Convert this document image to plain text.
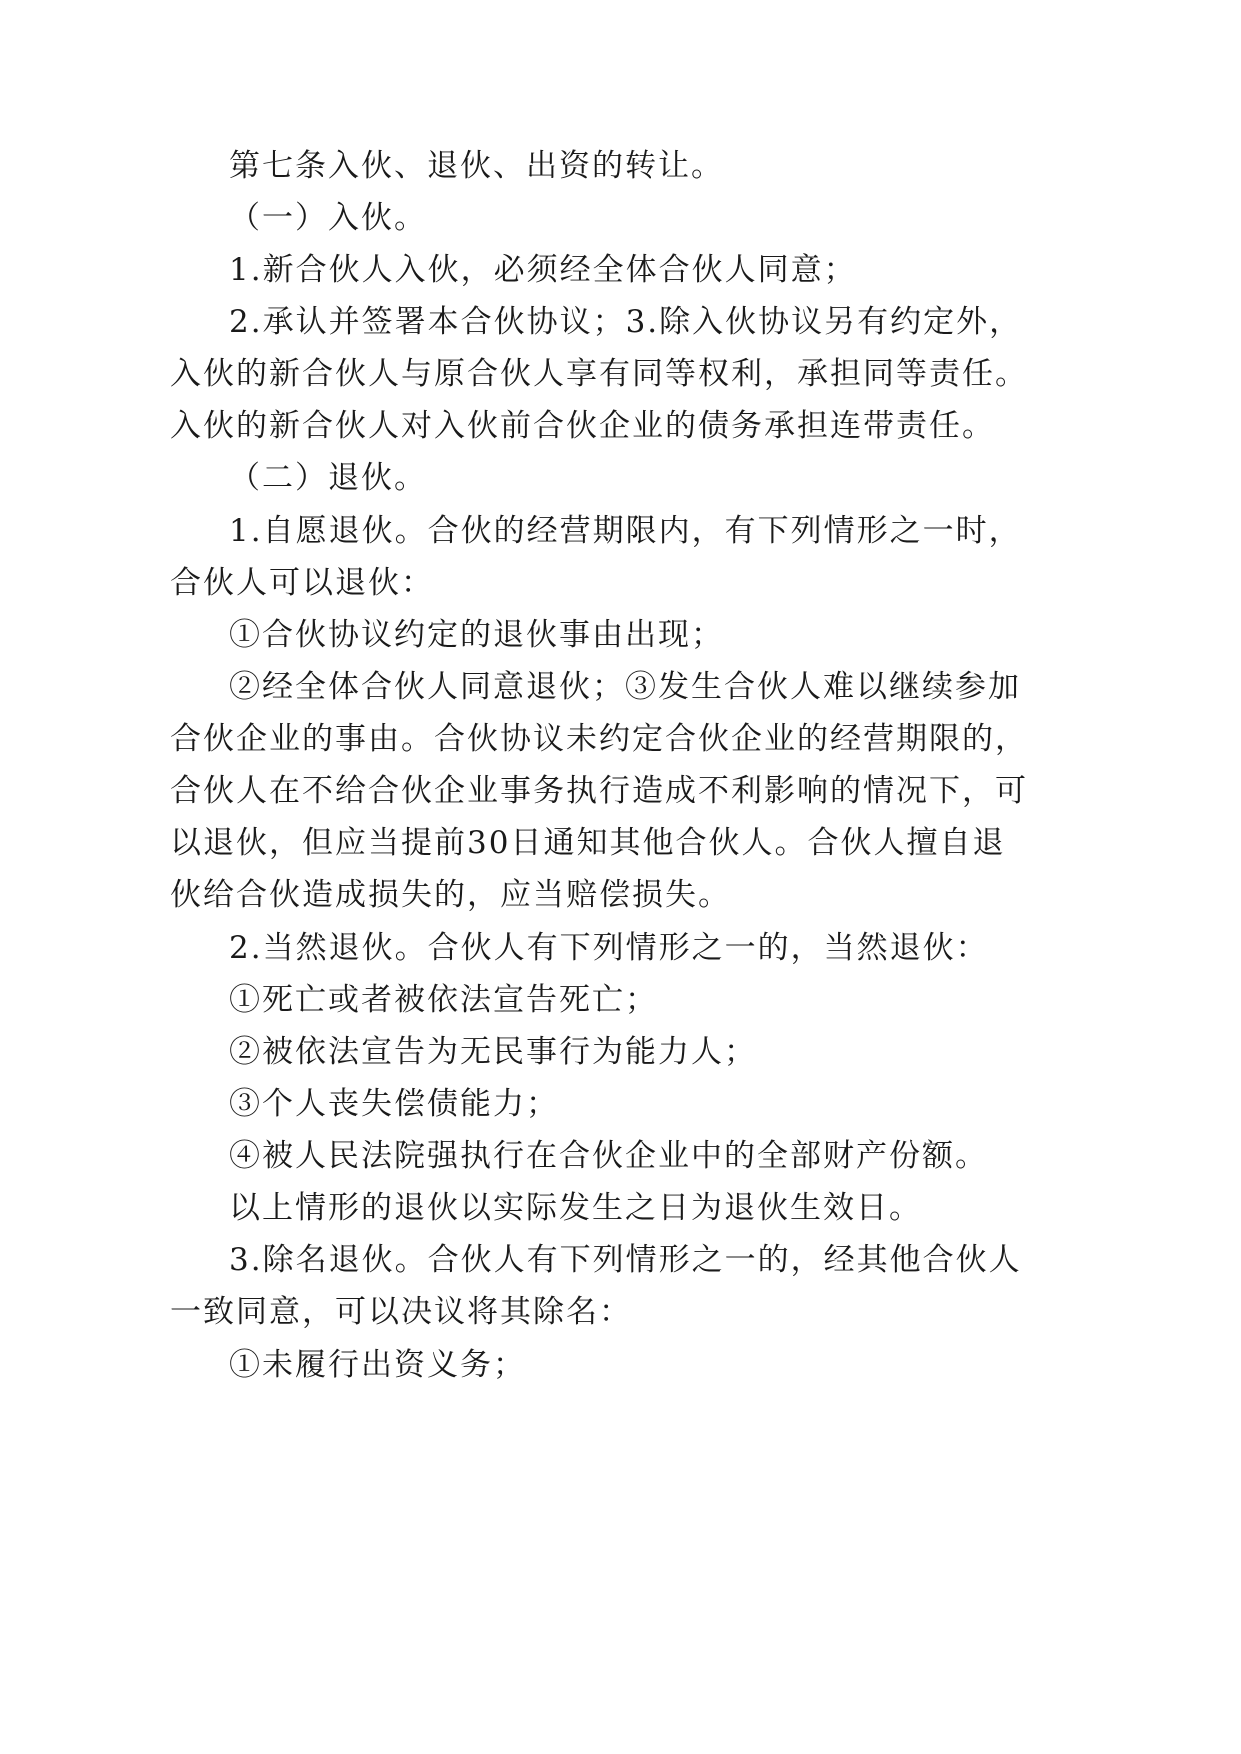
第七条入伙、退伙、出资的转让。

（一）入伙。

1.新合伙人入伙，必须经全体合伙人同意；

2.承认并签署本合伙协议；3.除入伙协议另有约定外，

入伙的新合伙人与原合伙人享有同等权利，承担同等责任。

入伙的新合伙人对入伙前合伙企业的债务承担连带责任。

（二）退伙。

1.自愿退伙。合伙的经营期限内，有下列情形之一时，

合伙人可以退伙：

①合伙协议约定的退伙事由出现；

②经全体合伙人同意退伙；③发生合伙人难以继续参加

合伙企业的事由。合伙协议未约定合伙企业的经营期限的，

合伙人在不给合伙企业事务执行造成不利影响的情况下，可

以退伙，但应当提前30日通知其他合伙人。合伙人擅自退

伙给合伙造成损失的，应当赔偿损失。

2.当然退伙。合伙人有下列情形之一的，当然退伙：

①死亡或者被依法宣告死亡；

②被依法宣告为无民事行为能力人；

③个人丧失偿债能力；

④被人民法院强执行在合伙企业中的全部财产份额。

以上情形的退伙以实际发生之日为退伙生效日。

3.除名退伙。合伙人有下列情形之一的，经其他合伙人

一致同意，可以决议将其除名：

①未履行出资义务；
